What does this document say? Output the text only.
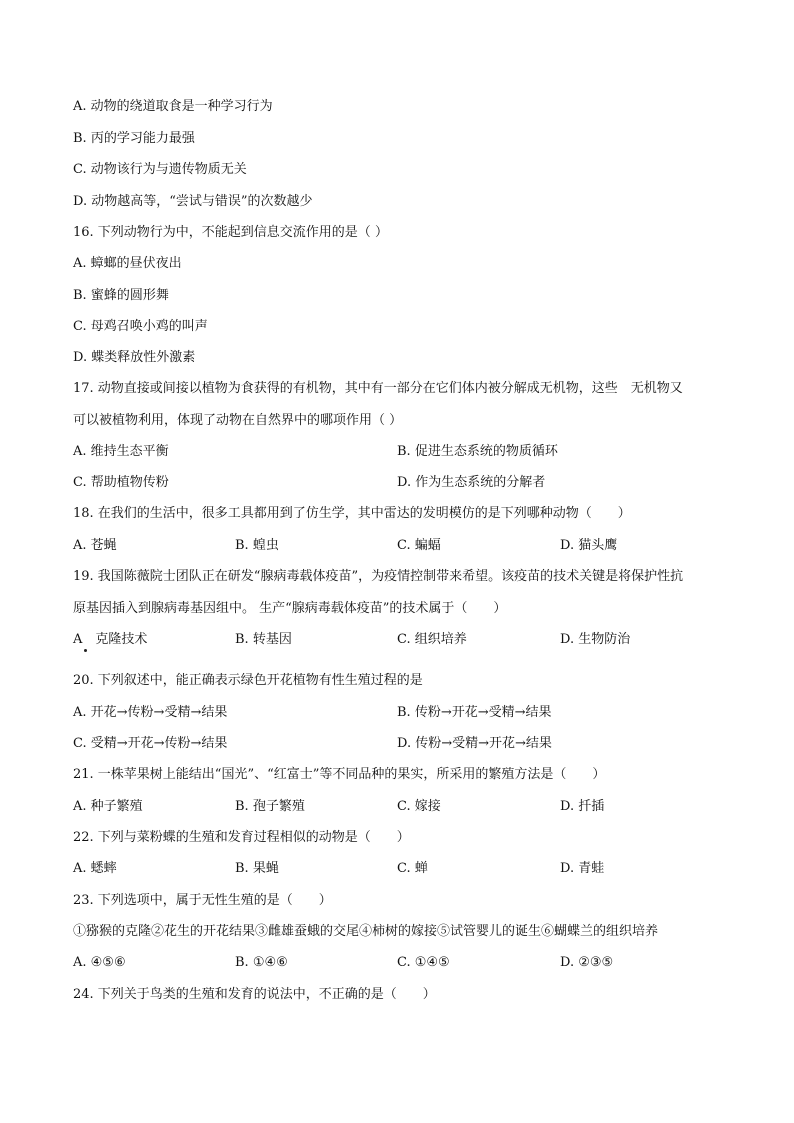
A. 动物的绕道取食是一种学习行为
B. 丙的学习能力最强
C. 动物该行为与遗传物质无关
D. 动物越高等，“尝试与错误”的次数越少
16. 下列动物行为中，不能起到信息交流作用的是（ ）
A. 蟑螂的昼伏夜出
B. 蜜蜂的圆形舞
C. 母鸡召唤小鸡的叫声
D. 蝶类释放性外激素
17. 动物直接或间接以植物为食获得的有机物，其中有一部分在它们体内被分解成无机物，这些　无机物又
可以被植物利用，体现了动物在自然界中的哪项作用（ ）
A. 维持生态平衡	B. 促进生态系统的物质循环
C. 帮助植物传粉	D. 作为生态系统的分解者
18. 在我们的生活中，很多工具都用到了仿生学，其中雷达的发明模仿的是下列哪种动物（　　）
A. 苍蝇	B. 蝗虫	C. 蝙蝠	D. 猫头鹰
19. 我国陈薇院士团队正在研发“腺病毒载体疫苗”，为疫情控制带来希望。该疫苗的技术关键是将保护性抗
原基因插入到腺病毒基因组中。 生产“腺病毒载体疫苗”的技术属于（　　）
A　克隆技术	B. 转基因	C. 组织培养	D. 生物防治
20. 下列叙述中，能正确表示绿色开花植物有性生殖过程的是
A. 开花→传粉→受精→结果	B. 传粉→开花→受精→结果
C. 受精→开花→传粉→结果	D. 传粉→受精→开花→结果
21. 一株苹果树上能结出“国光”、“红富士”等不同品种的果实，所采用的繁殖方法是（　　）
A. 种子繁殖	B. 孢子繁殖	C. 嫁接	D. 扦插
22. 下列与菜粉蝶的生殖和发育过程相似的动物是（　　）
A. 蟋蟀	B. 果蝇	C. 蝉	D. 青蛙
23. 下列选项中，属于无性生殖的是（　　）
①猕猴的克隆②花生的开花结果③雌雄蚕蛾的交尾④柿树的嫁接⑤试管婴儿的诞生⑥蝴蝶兰的组织培养
A. ④⑤⑥	B. ①④⑥	C. ①④⑤	D. ②③⑤
24. 下列关于鸟类的生殖和发育的说法中，不正确的是（　　）
